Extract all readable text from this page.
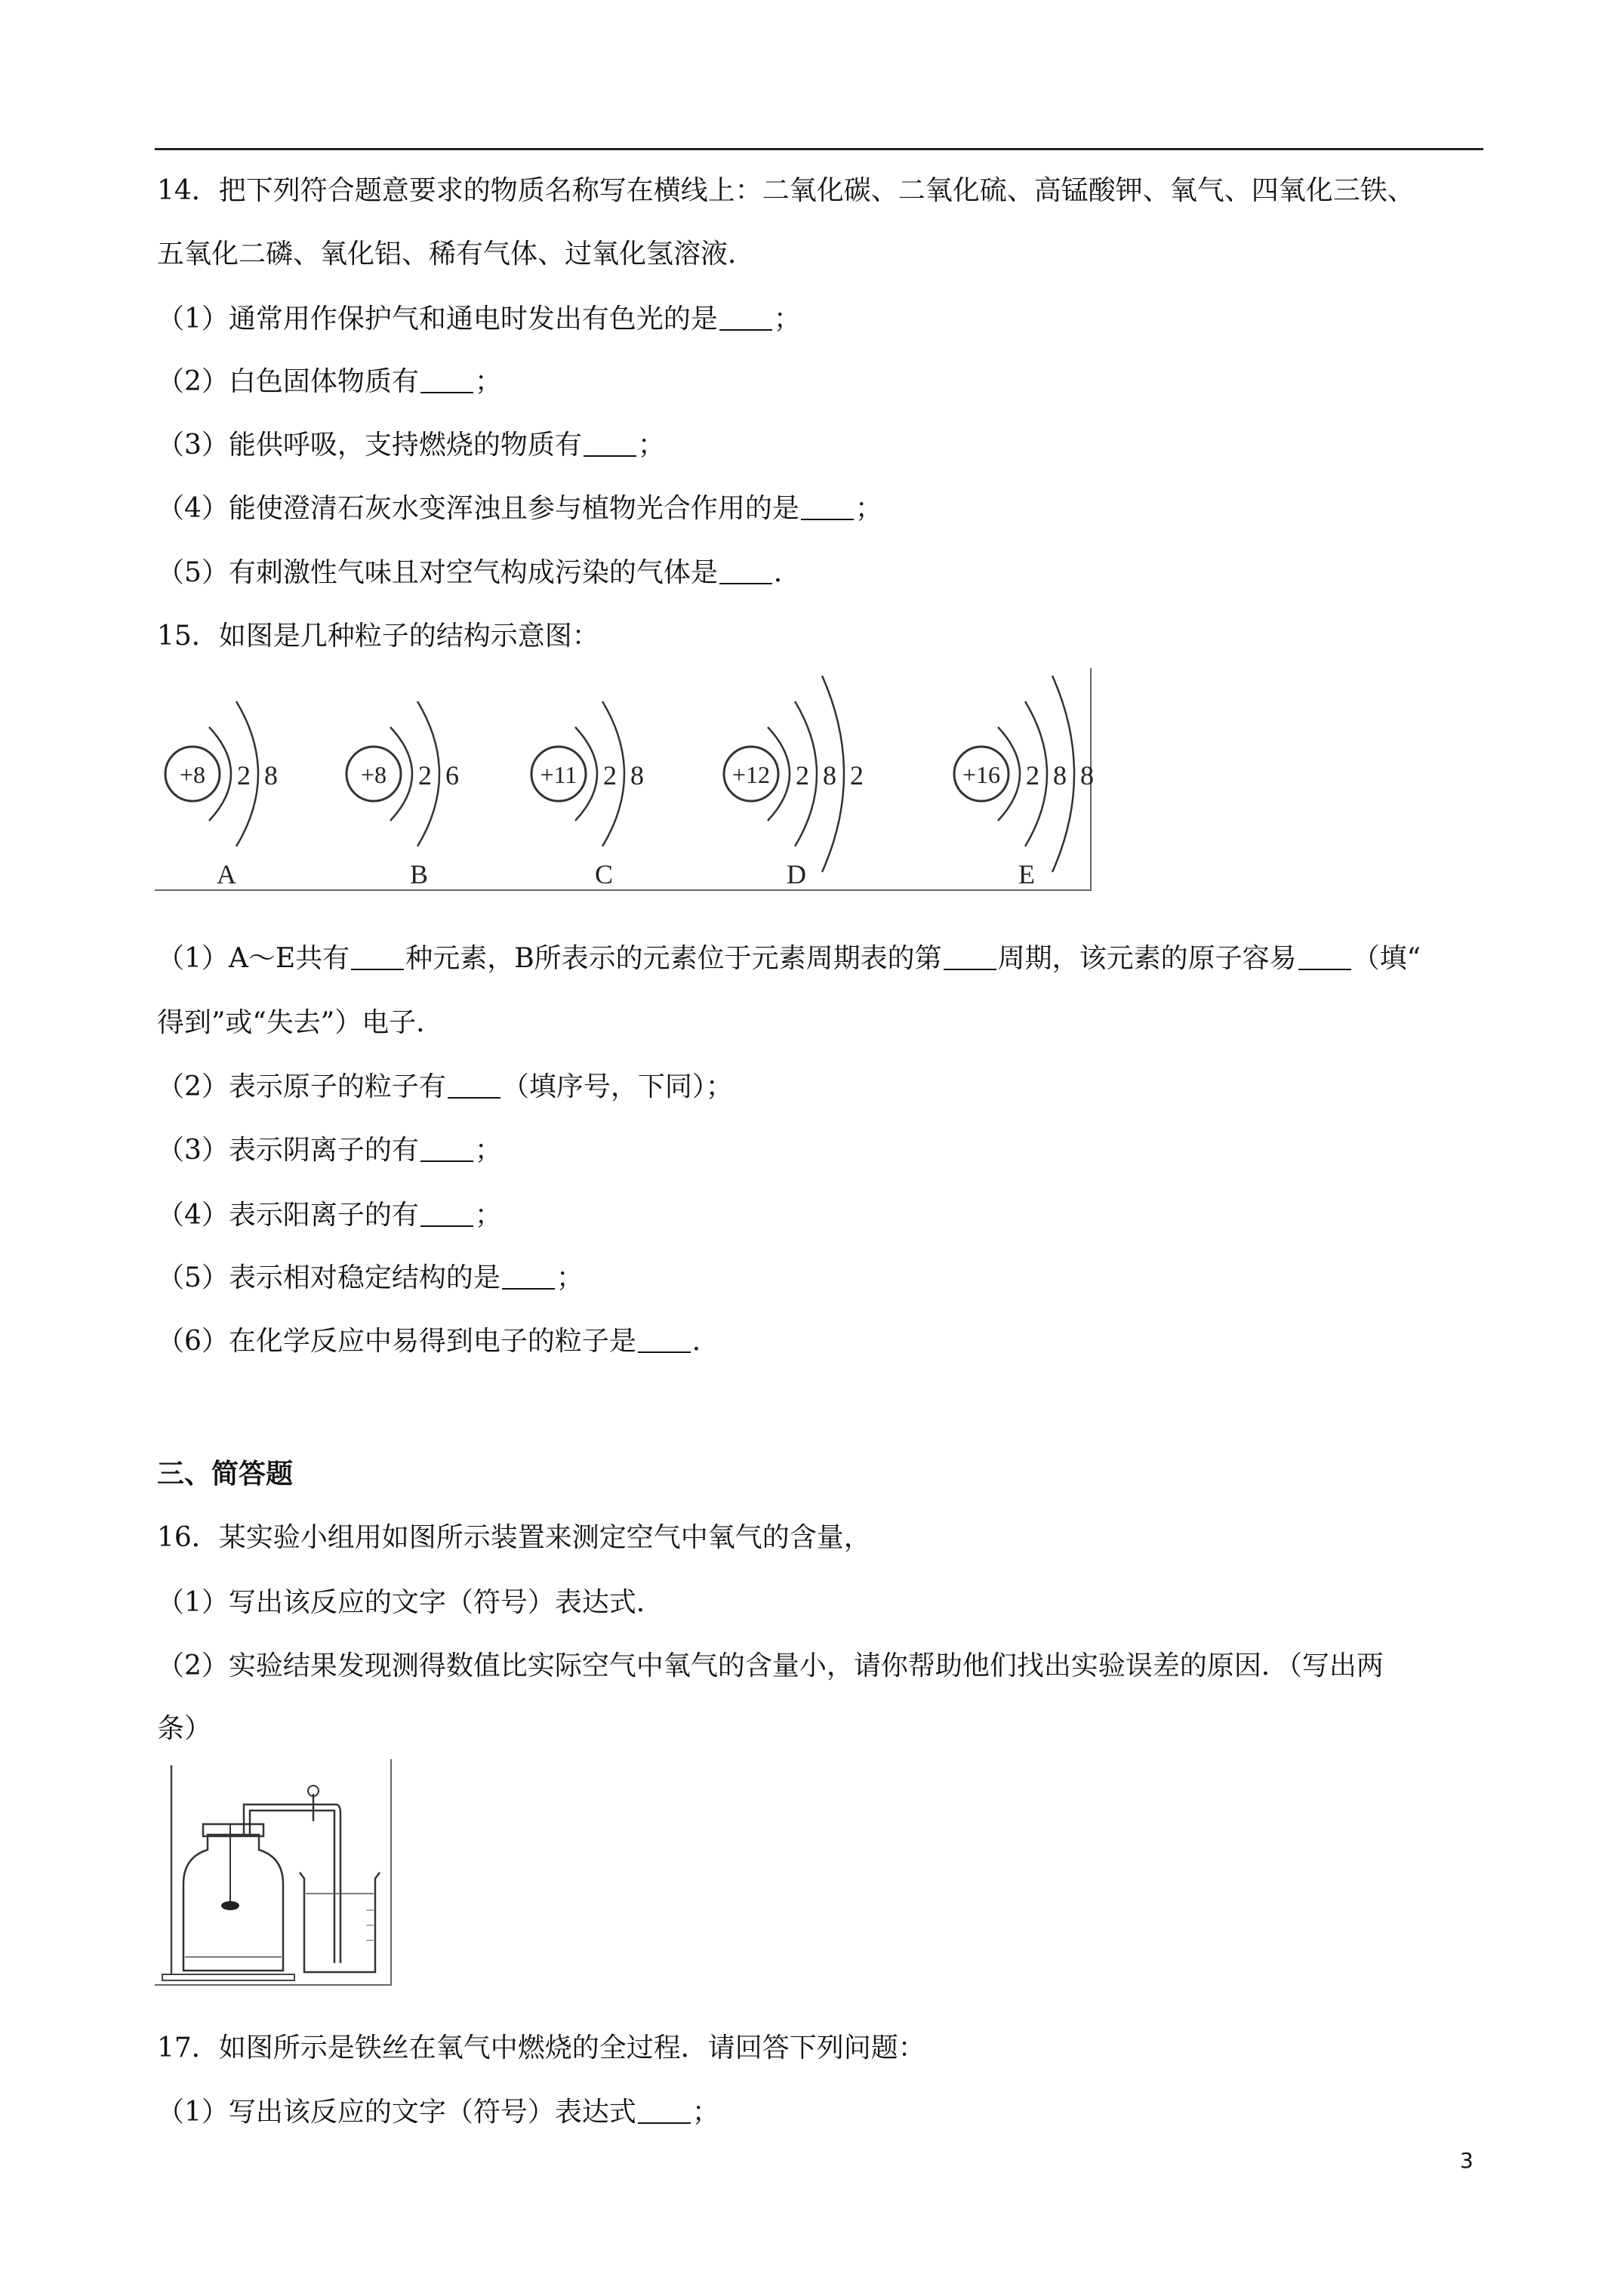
14．把下列符合题意要求的物质名称写在横线上：二氧化碳、二氧化硫、高锰酸钾、氧气、四氧化三铁、
五氧化二磷、氧化铝、稀有气体、过氧化氢溶液．
（1）通常用作保护气和通电时发出有色光的是 ；
（2）白色固体物质有 ；
（3）能供呼吸，支持燃烧的物质有 ；
（4）能使澄清石灰水变浑浊且参与植物光合作用的是 ；
（5）有刺激性气味且对空气构成污染的气体是 ．
15．如图是几种粒子的结构示意图：
+8 2 8
A
+8 2 6
B
+11 2 8
C
+12 2 8 2
D
+16 2 8 8
E
（1）A～E共有 种元素，B所表示的元素位于元素周期表的第 周期，该元素的原子容易 （填“
得到”或“失去”）电子．
（2）表示原子的粒子有 （填序号，下同）；
（3）表示阴离子的有 ；
（4）表示阳离子的有 ；
（5）表示相对稳定结构的是 ；
（6）在化学反应中易得到电子的粒子是 ．
三、简答题
16．某实验小组用如图所示装置来测定空气中氧气的含量，
（1）写出该反应的文字（符号）表达式．
（2）实验结果发现测得数值比实际空气中氧气的含量小，请你帮助他们找出实验误差的原因．（写出两
条）
17．如图所示是铁丝在氧气中燃烧的全过程．请回答下列问题：
（1）写出该反应的文字（符号）表达式 ；
3
